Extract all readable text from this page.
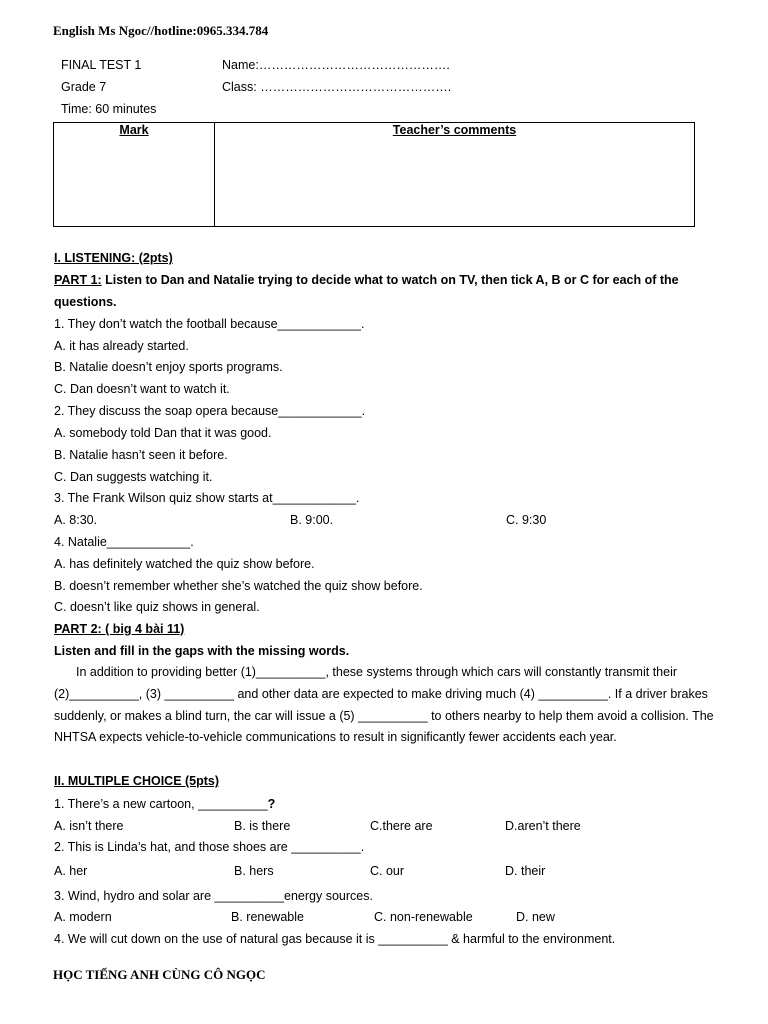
English Ms Ngoc//hotline:0965.334.784
FINAL TEST 1	Name:……………………………………….
Grade 7	Class: ……………………………………….
Time: 60 minutes
Mark	Teacher’s comments
I. LISTENING: (2pts)
PART 1: Listen to Dan and Natalie trying to decide what to watch on TV, then tick A, B or C for each of the
questions.
1. They don’t watch the football because____________.
A. it has already started.
B. Natalie doesn’t enjoy sports programs.
C. Dan doesn’t want to watch it.
2. They discuss the soap opera because____________.
A. somebody told Dan that it was good.
B. Natalie hasn’t seen it before.
C. Dan suggests watching it.
3. The Frank Wilson quiz show starts at____________.
A. 8:30.	B. 9:00.	C. 9:30
4. Natalie____________.
A. has definitely watched the quiz show before.
B. doesn’t remember whether she’s watched the quiz show before.
C. doesn’t like quiz shows in general.
PART 2: ( big 4 bài 11)
Listen and fill in the gaps with the missing words.
In addition to providing better (1)__________, these systems through which cars will constantly transmit their (2)__________, (3) __________ and other data are expected to make driving much (4) __________. If a driver brakes suddenly, or makes a blind turn, the car will issue a (5) __________ to others nearby to help them avoid a collision. The NHTSA expects vehicle-to-vehicle communications to result in significantly fewer accidents each year.
II. MULTIPLE CHOICE (5pts)
1. There’s a new cartoon, __________?
A. isn’t there	B. is there	C.there are	D.aren’t there
2. This is Linda’s hat, and those shoes are __________.
A. her	B. hers	C. our	D. their
3. Wind, hydro and solar are __________energy sources.
A. modern	B. renewable	C. non-renewable	D. new
4. We will cut down on the use of natural gas because it is __________ & harmful to the environment.
HỌC TIẾNG ANH CÙNG CÔ NGỌC
